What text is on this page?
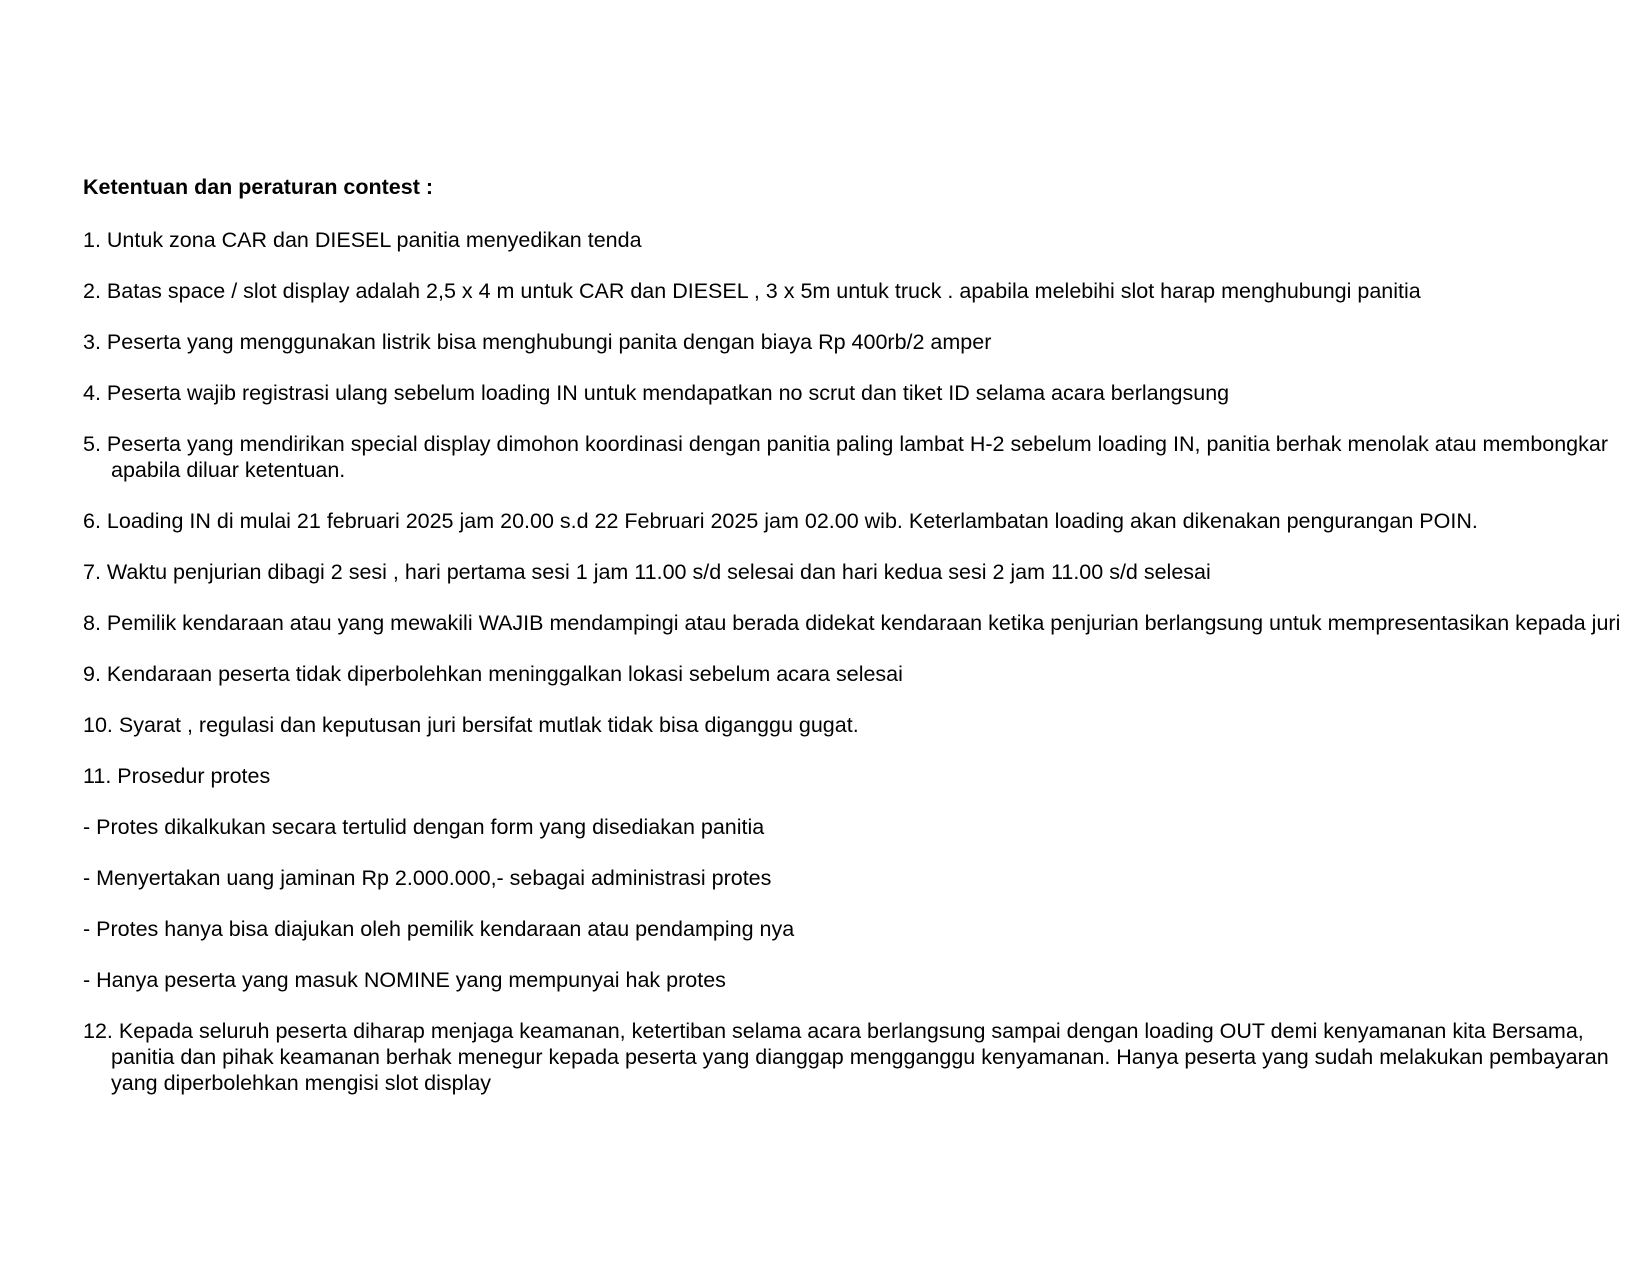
Ketentuan dan peraturan contest :
1. Untuk zona CAR dan DIESEL panitia menyedikan tenda
2. Batas space / slot display adalah 2,5 x 4 m untuk CAR dan DIESEL , 3 x 5m untuk truck . apabila melebihi slot harap menghubungi panitia
3. Peserta yang menggunakan listrik bisa menghubungi panita dengan biaya Rp 400rb/2 amper
4. Peserta wajib registrasi ulang sebelum loading IN untuk mendapatkan no scrut dan tiket ID selama acara berlangsung
5. Peserta yang mendirikan special display dimohon koordinasi dengan panitia paling lambat H-2 sebelum loading IN, panitia berhak menolak atau membongkar apabila diluar ketentuan.
6. Loading IN di mulai 21 februari 2025 jam 20.00 s.d 22 Februari 2025 jam 02.00 wib. Keterlambatan loading akan dikenakan pengurangan POIN.
7. Waktu penjurian dibagi 2 sesi , hari pertama sesi 1 jam 11.00 s/d selesai dan hari kedua sesi 2 jam 11.00 s/d selesai
8. Pemilik kendaraan atau yang mewakili WAJIB mendampingi atau berada didekat kendaraan ketika penjurian berlangsung untuk mempresentasikan kepada juri
9. Kendaraan peserta tidak diperbolehkan meninggalkan lokasi sebelum acara selesai
10. Syarat , regulasi dan keputusan juri bersifat mutlak tidak bisa diganggu gugat.
11. Prosedur protes
- Protes dikalkukan secara tertulid dengan form yang disediakan panitia
- Menyertakan uang jaminan Rp 2.000.000,- sebagai administrasi protes
- Protes hanya bisa diajukan oleh pemilik kendaraan atau pendamping nya
- Hanya peserta yang masuk NOMINE yang mempunyai hak protes
12. Kepada seluruh peserta diharap menjaga keamanan, ketertiban selama acara berlangsung sampai dengan loading OUT demi kenyamanan kita Bersama, panitia dan pihak keamanan berhak menegur kepada peserta yang dianggap mengganggu kenyamanan. Hanya peserta yang sudah melakukan pembayaran yang diperbolehkan mengisi slot display
